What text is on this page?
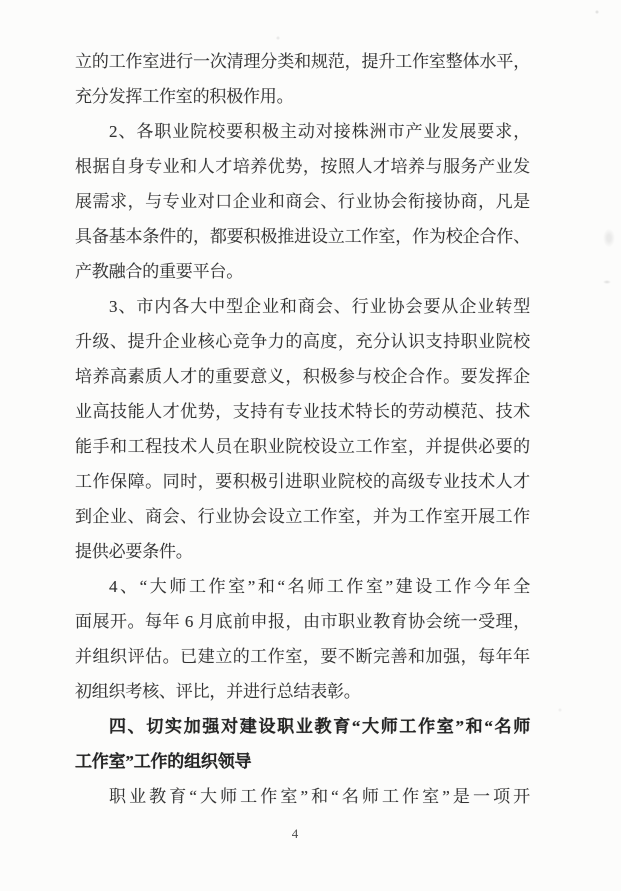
立的工作室进行一次清理分类和规范，提升工作室整体水平，
充分发挥工作室的积极作用。
2、各职业院校要积极主动对接株洲市产业发展要求，
根据自身专业和人才培养优势，按照人才培养与服务产业发
展需求，与专业对口企业和商会、行业协会衔接协商，凡是
具备基本条件的，都要积极推进设立工作室，作为校企合作、
产教融合的重要平台。
3、市内各大中型企业和商会、行业协会要从企业转型
升级、提升企业核心竞争力的高度，充分认识支持职业院校
培养高素质人才的重要意义，积极参与校企合作。要发挥企
业高技能人才优势，支持有专业技术特长的劳动模范、技术
能手和工程技术人员在职业院校设立工作室，并提供必要的
工作保障。同时，要积极引进职业院校的高级专业技术人才
到企业、商会、行业协会设立工作室，并为工作室开展工作
提供必要条件。
4、“大师工作室”和“名师工作室”建设工作今年全
面展开。每年 6 月底前申报，由市职业教育协会统一受理，
并组织评估。已建立的工作室，要不断完善和加强，每年年
初组织考核、评比，并进行总结表彰。
四、切实加强对建设职业教育“大师工作室”和“名师
工作室”工作的组织领导
职业教育“大师工作室”和“名师工作室”是一项开
4
